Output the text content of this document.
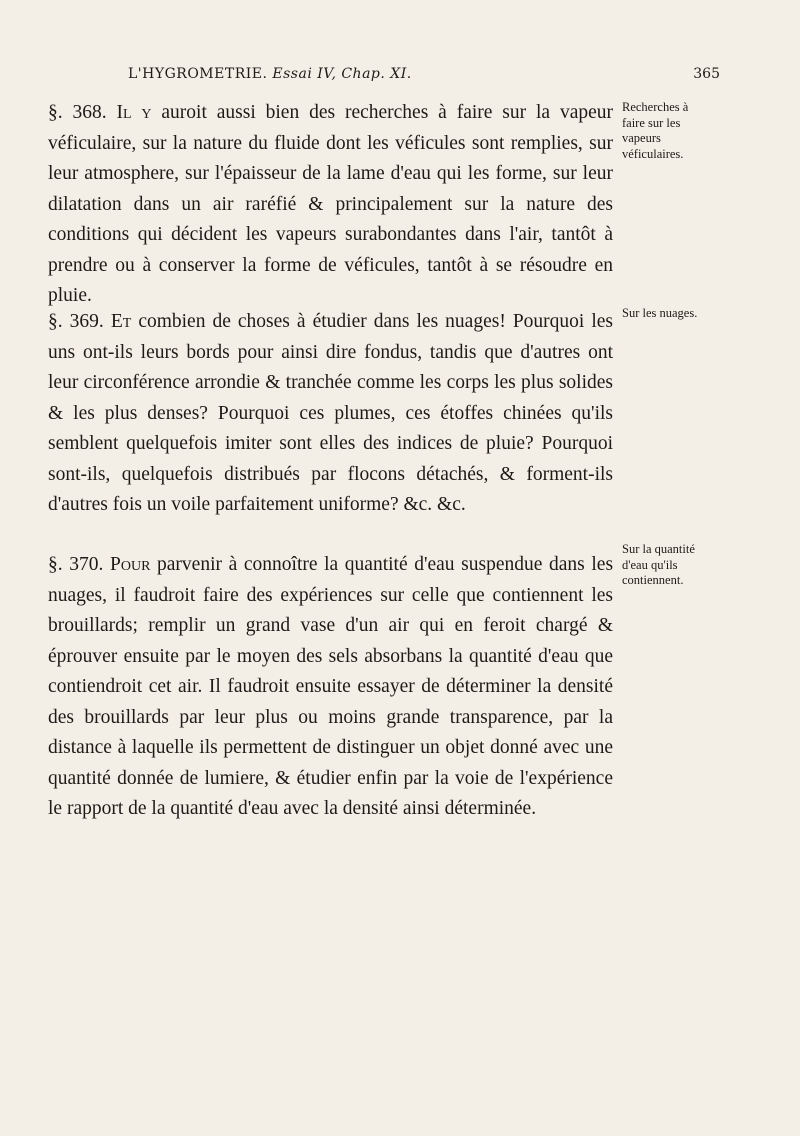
L'HYGROMETRIE. Essai IV, Chap. XI.	365

§. 368. Il y auroit aussi bien des recherches à faire sur la vapeur véficulaire, sur la nature du fluide dont les véficules sont remplies, sur leur atmosphere, sur l'épaisseur de la lame d'eau qui les forme, sur leur dilatation dans un air raréfié & principalement sur la nature des conditions qui décident les vapeurs surabondantes dans l'air, tantôt à prendre ou à conserver la forme de véficules, tantôt à se résoudre en pluie.

§. 369. Et combien de choses à étudier dans les nuages! Pourquoi les uns ont-ils leurs bords pour ainsi dire fondus, tandis que d'autres ont leur circonférence arrondie & tranchée comme les corps les plus solides & les plus denses? Pourquoi ces plumes, ces étoffes chinées qu'ils semblent quelquefois imiter sont elles des indices de pluie? Pourquoi sont-ils, quelquefois distribués par flocons détachés, & forment-ils d'autres fois un voile parfaitement uniforme? &c. &c.

§. 370. Pour parvenir à connoître la quantité d'eau suspendue dans les nuages, il faudroit faire des expériences sur celle que contiennent les brouillards; remplir un grand vase d'un air qui en feroit chargé & éprouver ensuite par le moyen des sels absorbans la quantité d'eau que contiendroit cet air. Il faudroit ensuite essayer de déterminer la densité des brouillards par leur plus ou moins grande transparence, par la distance à laquelle ils permettent de distinguer un objet donné avec une quantité donnée de lumiere, & étudier enfin par la voie de l'expérience le rapport de la quantité d'eau avec la densité ainsi déterminée.

Recherches à faire sur les vapeurs véficulaires.
Sur les nuages.
Sur la quantité d'eau qu'ils contiennent.
